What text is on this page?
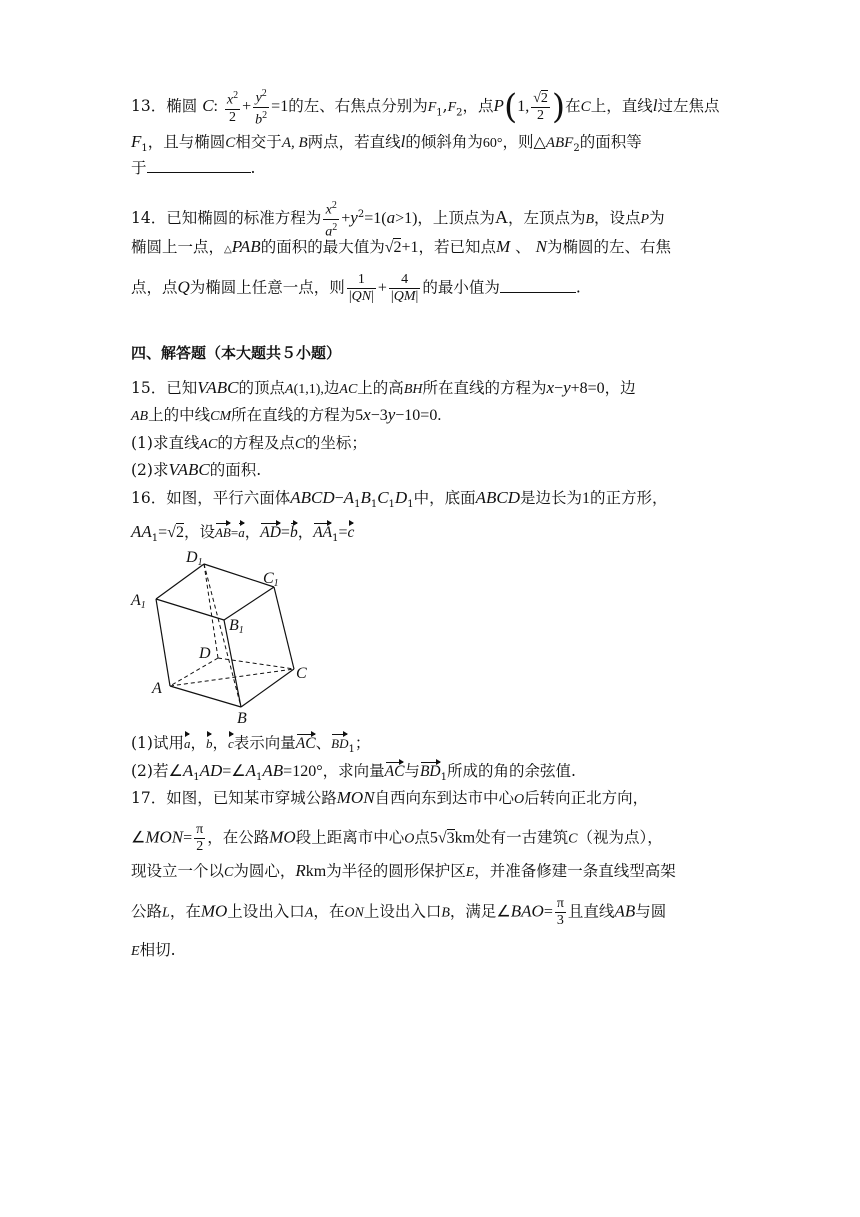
13．椭圆 C: $\frac{x^2}{2} + \frac{y^2}{b^2} =1$的左、右焦点分别为$F_1,F_2$，点P(1, $\frac{√2}{2}$ )在C上，直线l过左焦点
$F_1$，且与椭圆C相交于A, B两点，若直线l的倾斜角为60°，则$\triangle ABF_2$的面积等
于	.
14．已知椭圆的标准方程为 $\frac{x^2}{a^2} +y^2=1(a>1)$，上顶点为A，左顶点为B，设点P为
椭圆上一点，△PAB的面积的最大值为√2+1，若已知点M 、 N为椭圆的左、右焦
点，点Q为椭圆上任意一点，则 $\frac{1}{|QN|} + \frac{4}{|QM|}$ 的最小值为	.
四、解答题（本大题共５小题）
15．已知VABC的顶点A(1,1),边AC上的高BH所在直线的方程为x−y+8=0，边
AB上的中线CM所在直线的方程为5x−3y−10=0.
(1)求直线AC的方程及点C的坐标；
(2)求VABC的面积.
16．如图，平行六面体$ABCD-A_1B_1C_1D_1$中，底面ABCD是边长为1的正方形，
$AA_1=√2$，设AB=a，AD=b，$AA_1=c$
D1
C1
A1
B1
D
C
A
B
(1)试用a，b，c表示向量AC、$BD_1$；
(2)若$\angle A_1AD=\angle A_1AB=120^\circ$，求向量AC与$BD_1$所成的角的余弦值.
17．如图，已知某市穿城公路MON自西向东到达市中心O后转向正北方向，
∠MON= $\frac{\pi}{2}$ ，在公路MO段上距离市中心O点5√3km处有一古建筑C（视为点），
现设立一个以C为圆心，Rkm为半径的圆形保护区E，并准备修建一条直线型高架
公路L，在MO上设出入口A，在ON上设出入口B，满足∠BAO= $\frac{\pi}{3}$ 且直线AB与圆
E相切.
